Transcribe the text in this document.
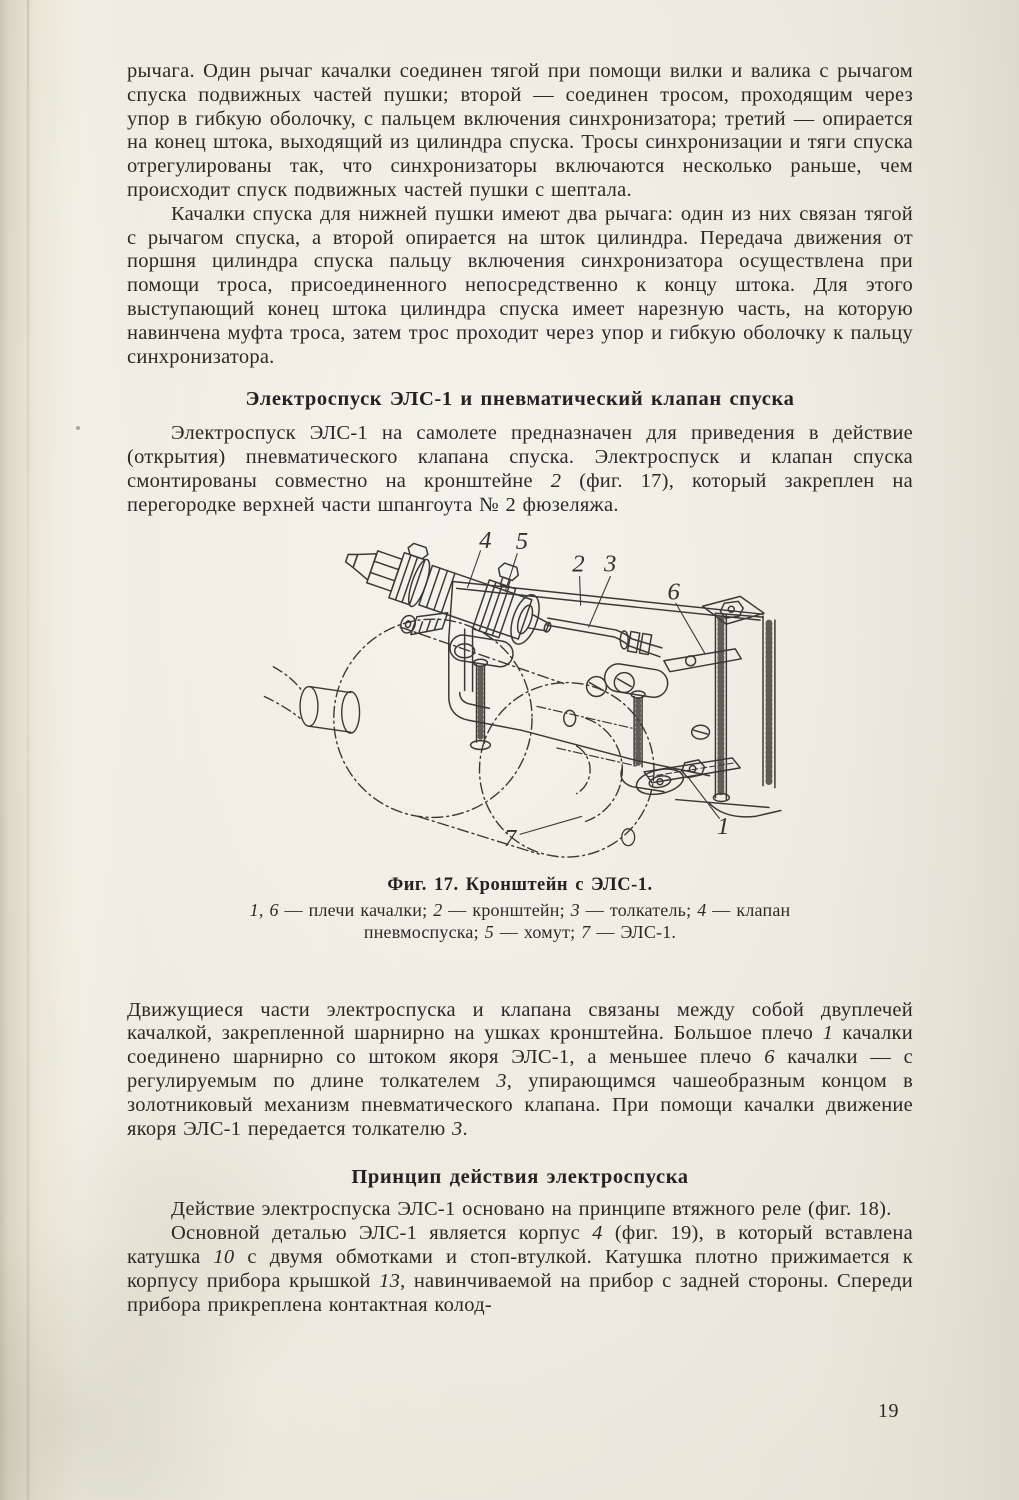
рычага. Один рычаг качалки соединен тягой при помощи вилки и валика с рычагом спуска подвижных частей пушки; второй — соединен тросом, проходящим через упор в гибкую оболочку, с пальцем включения синхронизатора; третий — опирается на конец штока, выходящий из цилиндра спуска. Тросы синхронизации и тяги спуска отрегулированы так, что синхронизаторы включаются несколько раньше, чем происходит спуск подвижных частей пушки с шептала.

Качалки спуска для нижней пушки имеют два рычага: один из них связан тягой с рычагом спуска, а второй опирается на шток цилиндра. Передача движения от поршня цилиндра спуска пальцу включения синхронизатора осуществлена при помощи троса, присоединенного непосредственно к концу штока. Для этого выступающий конец штока цилиндра спуска имеет нарезную часть, на которую навинчена муфта троса, затем трос проходит через упор и гибкую оболочку к пальцу синхронизатора.

Электроспуск ЭЛС-1 и пневматический клапан спуска

Электроспуск ЭЛС-1 на самолете предназначен для приведения в действие (открытия) пневматического клапана спуска. Электроспуск и клапан спуска смонтированы совместно на кронштейне 2 (фиг. 17), который закреплен на перегородке верхней части шпангоута № 2 фюзеляжа.

4 5
2 3
6
1
7
Фиг. 17. Кронштейн с ЭЛС-1.
1, 6 — плечи качалки; 2 — кронштейн; 3 — толкатель; 4 — клапан пневмоспуска; 5 — хомут; 7 — ЭЛС-1.

Движущиеся части электроспуска и клапана связаны между собой двуплечей качалкой, закрепленной шарнирно на ушках кронштейна. Большое плечо 1 качалки соединено шарнирно со штоком якоря ЭЛС-1, а меньшее плечо 6 качалки — с регулируемым по длине толкателем 3, упирающимся чашеобразным концом в золотниковый механизм пневматического клапана. При помощи качалки движение якоря ЭЛС-1 передается толкателю 3.

Принцип действия электроспуска

Действие электроспуска ЭЛС-1 основано на принципе втяжного реле (фиг. 18).

Основной деталью ЭЛС-1 является корпус 4 (фиг. 19), в который вставлена катушка 10 с двумя обмотками и стоп-втулкой. Катушка плотно прижимается к корпусу прибора крышкой 13, навинчиваемой на прибор с задней стороны. Спереди прибора прикреплена контактная колод-

19
